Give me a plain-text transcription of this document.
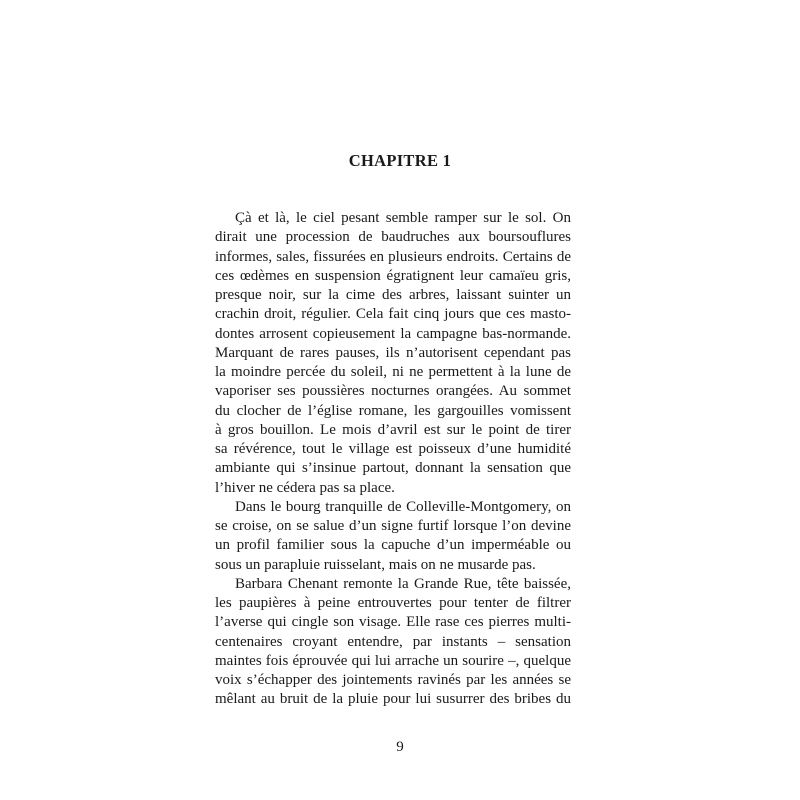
CHAPITRE 1

Çà et là, le ciel pesant semble ramper sur le sol. On
dirait une procession de baudruches aux boursouflures
informes, sales, fissurées en plusieurs endroits. Certains de
ces œdèmes en suspension égratignent leur camaïeu gris,
presque noir, sur la cime des arbres, laissant suinter un
crachin droit, régulier. Cela fait cinq jours que ces masto-
dontes arrosent copieusement la campagne bas-normande.
Marquant de rares pauses, ils n’autorisent cependant pas
la moindre percée du soleil, ni ne permettent à la lune de
vaporiser ses poussières nocturnes orangées. Au sommet
du clocher de l’église romane, les gargouilles vomissent
à gros bouillon. Le mois d’avril est sur le point de tirer
sa révérence, tout le village est poisseux d’une humidité
ambiante qui s’insinue partout, donnant la sensation que
l’hiver ne cédera pas sa place.

Dans le bourg tranquille de Colleville-Montgomery, on
se croise, on se salue d’un signe furtif lorsque l’on devine
un profil familier sous la capuche d’un imperméable ou
sous un parapluie ruisselant, mais on ne musarde pas.

Barbara Chenant remonte la Grande Rue, tête baissée,
les paupières à peine entrouvertes pour tenter de filtrer
l’averse qui cingle son visage. Elle rase ces pierres multi-
centenaires croyant entendre, par instants – sensation
maintes fois éprouvée qui lui arrache un sourire –, quelque
voix s’échapper des jointements ravinés par les années se
mêlant au bruit de la pluie pour lui susurrer des bribes du

9
